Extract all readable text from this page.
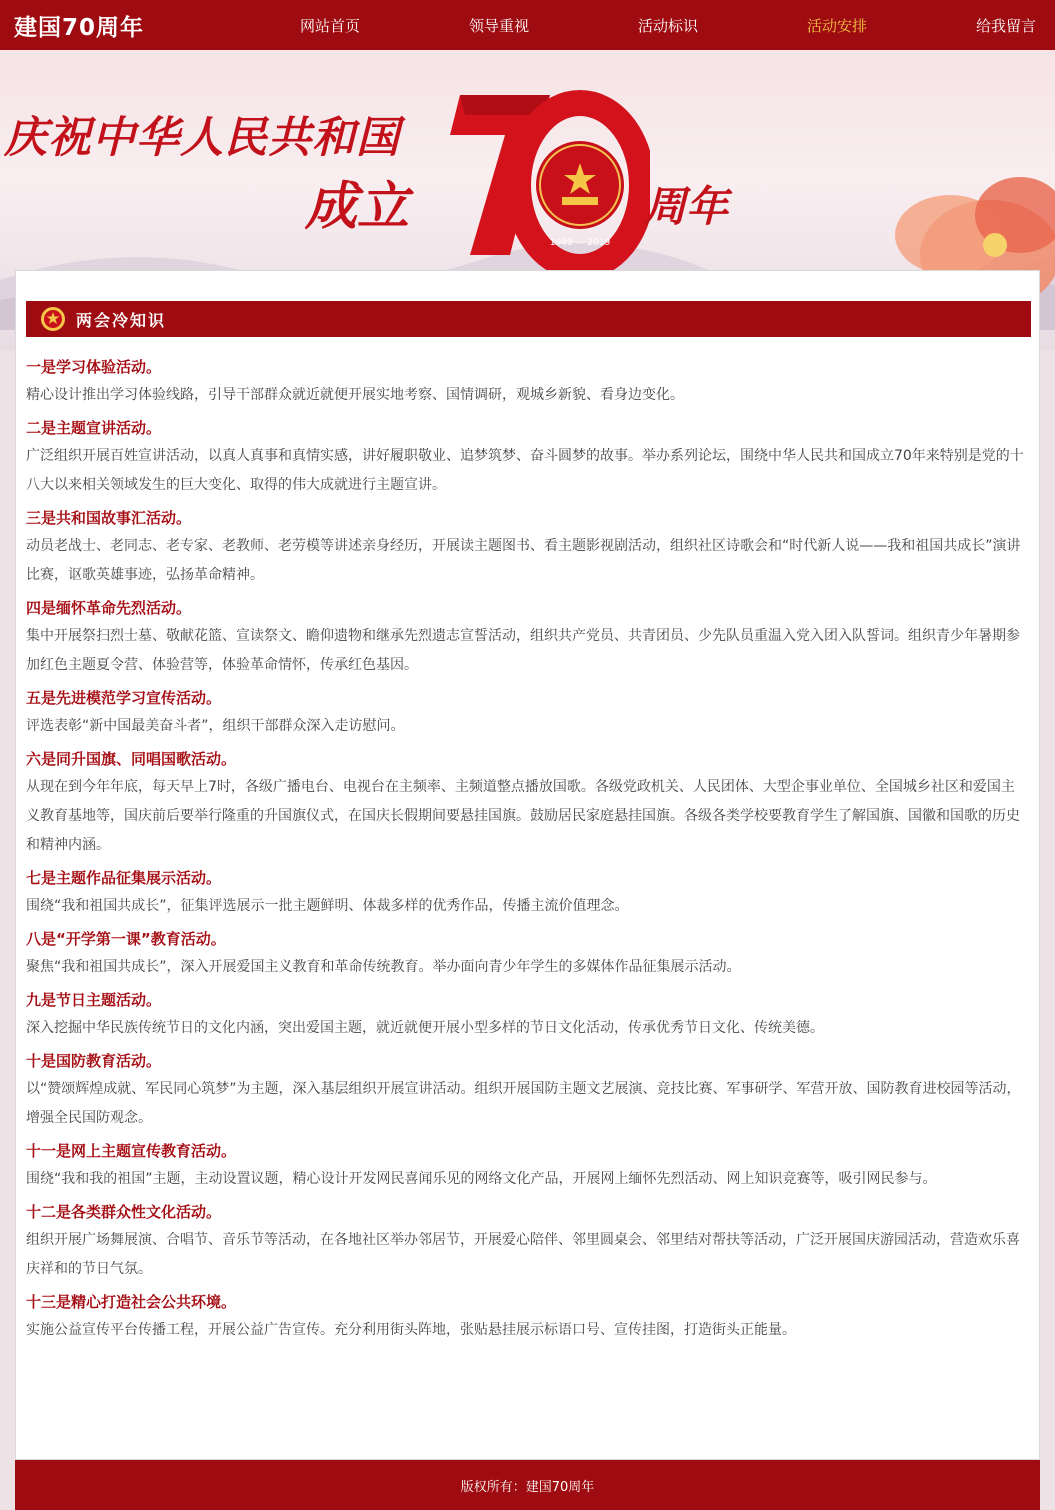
建国70周年	网站首页	领导重视	活动标识	活动安排	给我留言
庆祝中华人民共和国
成立
1949 — 2019
周年
两会冷知识
一是学习体验活动。
精心设计推出学习体验线路，引导干部群众就近就便开展实地考察、国情调研，观城乡新貌、看身边变化。
二是主题宣讲活动。
广泛组织开展百姓宣讲活动，以真人真事和真情实感，讲好履职敬业、追梦筑梦、奋斗圆梦的故事。举办系列论坛，围绕中华人民共和国成立70年来特别是党的十八大以来相关领域发生的巨大变化、取得的伟大成就进行主题宣讲。
三是共和国故事汇活动。
动员老战士、老同志、老专家、老教师、老劳模等讲述亲身经历，开展读主题图书、看主题影视剧活动，组织社区诗歌会和“时代新人说——我和祖国共成长”演讲比赛，讴歌英雄事迹，弘扬革命精神。
四是缅怀革命先烈活动。
集中开展祭扫烈士墓、敬献花篮、宣读祭文、瞻仰遗物和继承先烈遗志宣誓活动，组织共产党员、共青团员、少先队员重温入党入团入队誓词。组织青少年暑期参加红色主题夏令营、体验营等，体验革命情怀，传承红色基因。
五是先进模范学习宣传活动。
评选表彰“新中国最美奋斗者”，组织干部群众深入走访慰问。
六是同升国旗、同唱国歌活动。
从现在到今年年底，每天早上7时，各级广播电台、电视台在主频率、主频道整点播放国歌。各级党政机关、人民团体、大型企事业单位、全国城乡社区和爱国主义教育基地等，国庆前后要举行隆重的升国旗仪式，在国庆长假期间要悬挂国旗。鼓励居民家庭悬挂国旗。各级各类学校要教育学生了解国旗、国徽和国歌的历史和精神内涵。
七是主题作品征集展示活动。
围绕“我和祖国共成长”，征集评选展示一批主题鲜明、体裁多样的优秀作品，传播主流价值理念。
八是“开学第一课”教育活动。
聚焦“我和祖国共成长”，深入开展爱国主义教育和革命传统教育。举办面向青少年学生的多媒体作品征集展示活动。
九是节日主题活动。
深入挖掘中华民族传统节日的文化内涵，突出爱国主题，就近就便开展小型多样的节日文化活动，传承优秀节日文化、传统美德。
十是国防教育活动。
以“赞颂辉煌成就、军民同心筑梦”为主题，深入基层组织开展宣讲活动。组织开展国防主题文艺展演、竞技比赛、军事研学、军营开放、国防教育进校园等活动，增强全民国防观念。
十一是网上主题宣传教育活动。
围绕“我和我的祖国”主题，主动设置议题，精心设计开发网民喜闻乐见的网络文化产品，开展网上缅怀先烈活动、网上知识竞赛等，吸引网民参与。
十二是各类群众性文化活动。
组织开展广场舞展演、合唱节、音乐节等活动，在各地社区举办邻居节，开展爱心陪伴、邻里圆桌会、邻里结对帮扶等活动，广泛开展国庆游园活动，营造欢乐喜庆祥和的节日气氛。
十三是精心打造社会公共环境。
实施公益宣传平台传播工程，开展公益广告宣传。充分利用街头阵地，张贴悬挂展示标语口号、宣传挂图，打造街头正能量。
版权所有：建国70周年
